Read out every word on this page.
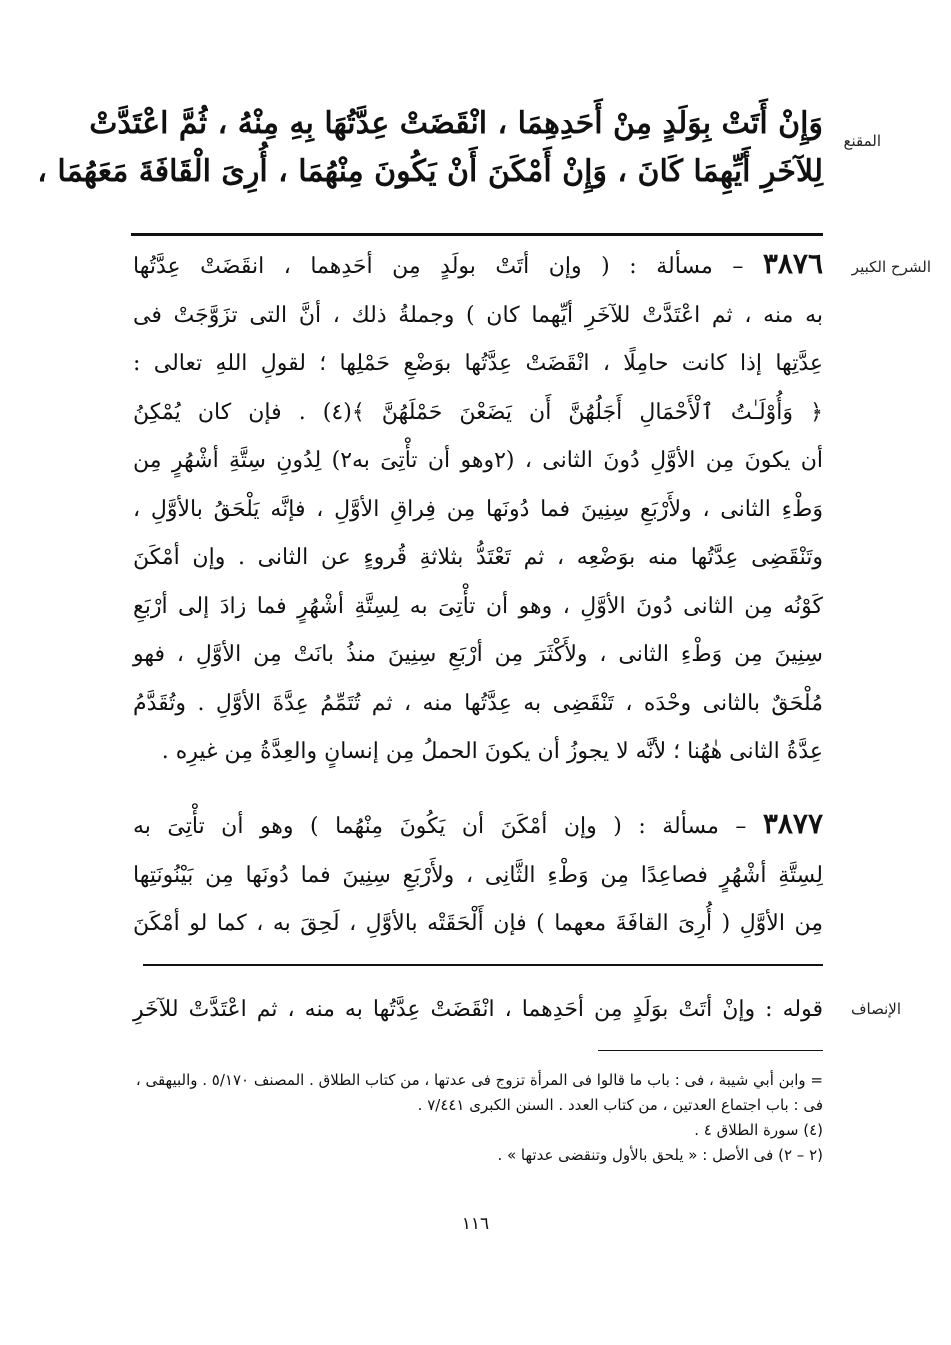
المقنع
الشرح الكبير
الإنصاف
وَإِنْ أَتَتْ بِوَلَدٍ مِنْ أَحَدِهِمَا ، انْقَضَتْ عِدَّتُهَا بِهِ مِنْهُ ، ثُمَّ اعْتَدَّتْ
لِلآخَرِ أَيِّهِمَا كَانَ ، وَإِنْ أَمْكَنَ أَنْ يَكُونَ مِنْهُمَا ، أُرِىَ الْقَافَةَ مَعَهُمَا ،
٣٨٧٦ – مسألة : ( وإن أتَتْ بولَدٍ مِن أحَدِهما ، انقَضَتْ عِدَّتُها
به منه ، ثم اعْتَدَّتْ للآخَرِ أيِّهما كان ) وجملةُ ذلك ، أنَّ التى تزَوَّجَتْ فى
عِدَّتِها إذا كانت حامِلًا ، انْقَضَتْ عِدَّتُها بوَضْعِ حَمْلِها ؛ لقولِ اللهِ تعالى :
﴿ وَأُوْلَـٰتُ ٱلْأَحْمَالِ أَجَلُهُنَّ أَن يَضَعْنَ حَمْلَهُنَّ ﴾(٤) . فإن كان يُمْكِنُ
أن يكونَ مِن الأوَّلِ دُونَ الثانى ، (٢وهو أن تأْتِىَ به٢) لِدُونِ سِتَّةِ أشْهُرٍ مِن
وَطْءِ الثانى ، ولأَرْبَعِ سِنِينَ فما دُونَها مِن فِراقِ الأوَّلِ ، فإنَّه يَلْحَقُ بالأوَّلِ ،
وتَنْقَضِى عِدَّتُها منه بوَضْعِه ، ثم تَعْتَدُّ بثلاثةِ قُروءٍ عن الثانى . وإن أمْكَنَ
كَوْنُه مِن الثانى دُونَ الأوَّلِ ، وهو أن تأْتِىَ به لِسِتَّةِ أشْهُرٍ فما زادَ إلى أرْبَعِ
سِنِينَ مِن وَطْءِ الثانى ، ولأَكْثَرَ مِن أرْبَعِ سِنِينَ منذُ بانَتْ مِن الأوَّلِ ، فهو
مُلْحَقٌ بالثانى وحْدَه ، تَنْقَضِى به عِدَّتُها منه ، ثم تُتَمِّمُ عِدَّةَ الأوَّلِ . وتُقَدَّمُ
عِدَّةُ الثانى هٰهُنا ؛ لأنَّه لا يجوزُ أن يكونَ الحملُ مِن إنسانٍ والعِدَّةُ مِن غيرِه .
٣٨٧٧ – مسألة : ( وإن أمْكَنَ أن يَكُونَ مِنْهُما ) وهو أن تأْتِىَ به
لِسِتَّةِ أشْهُرٍ فصاعِدًا مِن وَطْءِ الثَّانِى ، ولأَرْبَعِ سِنِينَ فما دُونَها مِن بَيْنُونَتِها
مِن الأوَّلِ ( أُرِىَ القافَةَ معهما ) فإن أَلْحَقَتْه بالأوَّلِ ، لَحِقَ به ، كما لو أمْكَنَ
قوله : وإنْ أتَتْ بوَلَدٍ مِن أحَدِهما ، انْقَضَتْ عِدَّتُها به منه ، ثم اعْتَدَّتْ للآخَرِ
= وابن أبي شيبة ، فى : باب ما قالوا فى المرأة تزوج فى عدتها ، من كتاب الطلاق . المصنف ٥/١٧٠ . والبيهقى ،
فى : باب اجتماع العدتين ، من كتاب العدد . السنن الكبرى ٧/٤٤١ .
(٤) سورة الطلاق ٤ .
(٢ – ٢) فى الأصل : « يلحق بالأول وتنقضى عدتها » .
١١٦
